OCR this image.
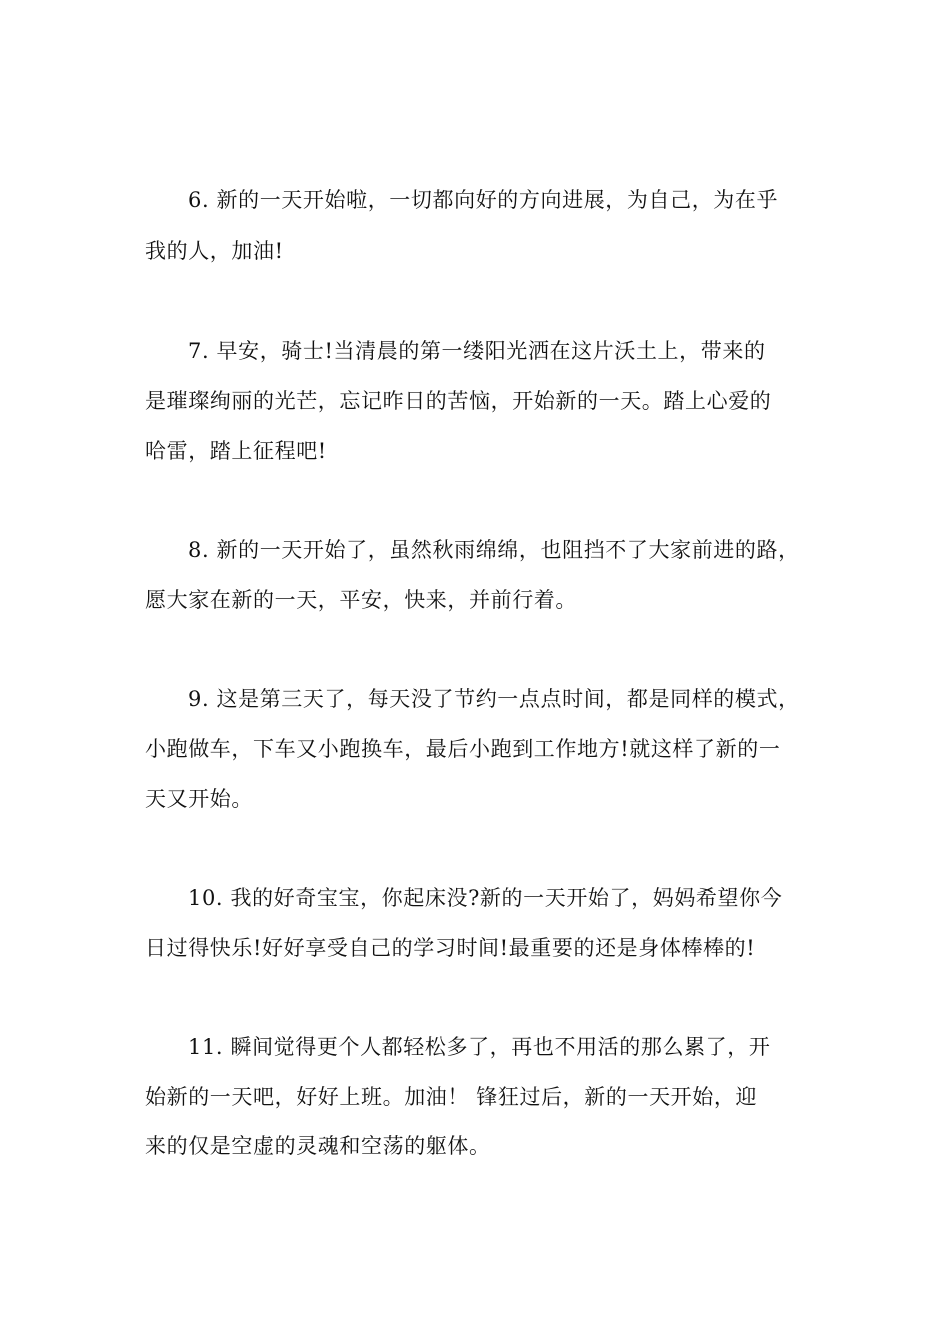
6. 新的一天开始啦，一切都向好的方向进展，为自己，为在乎
我的人，加油!
7. 早安，骑士!当清晨的第一缕阳光洒在这片沃土上，带来的
是璀璨绚丽的光芒，忘记昨日的苦恼，开始新的一天。踏上心爱的
哈雷，踏上征程吧!
8. 新的一天开始了，虽然秋雨绵绵，也阻挡不了大家前进的路，
愿大家在新的一天，平安，快来，并前行着。
9. 这是第三天了，每天没了节约一点点时间，都是同样的模式，
小跑做车，下车又小跑换车，最后小跑到工作地方!就这样了新的一
天又开始。
10. 我的好奇宝宝，你起床没?新的一天开始了，妈妈希望你今
日过得快乐!好好享受自己的学习时间!最重要的还是身体棒棒的!
11. 瞬间觉得更个人都轻松多了，再也不用活的那么累了，开
始新的一天吧，好好上班。加油！ 锋狂过后，新的一天开始，迎
来的仅是空虚的灵魂和空荡的躯体。
